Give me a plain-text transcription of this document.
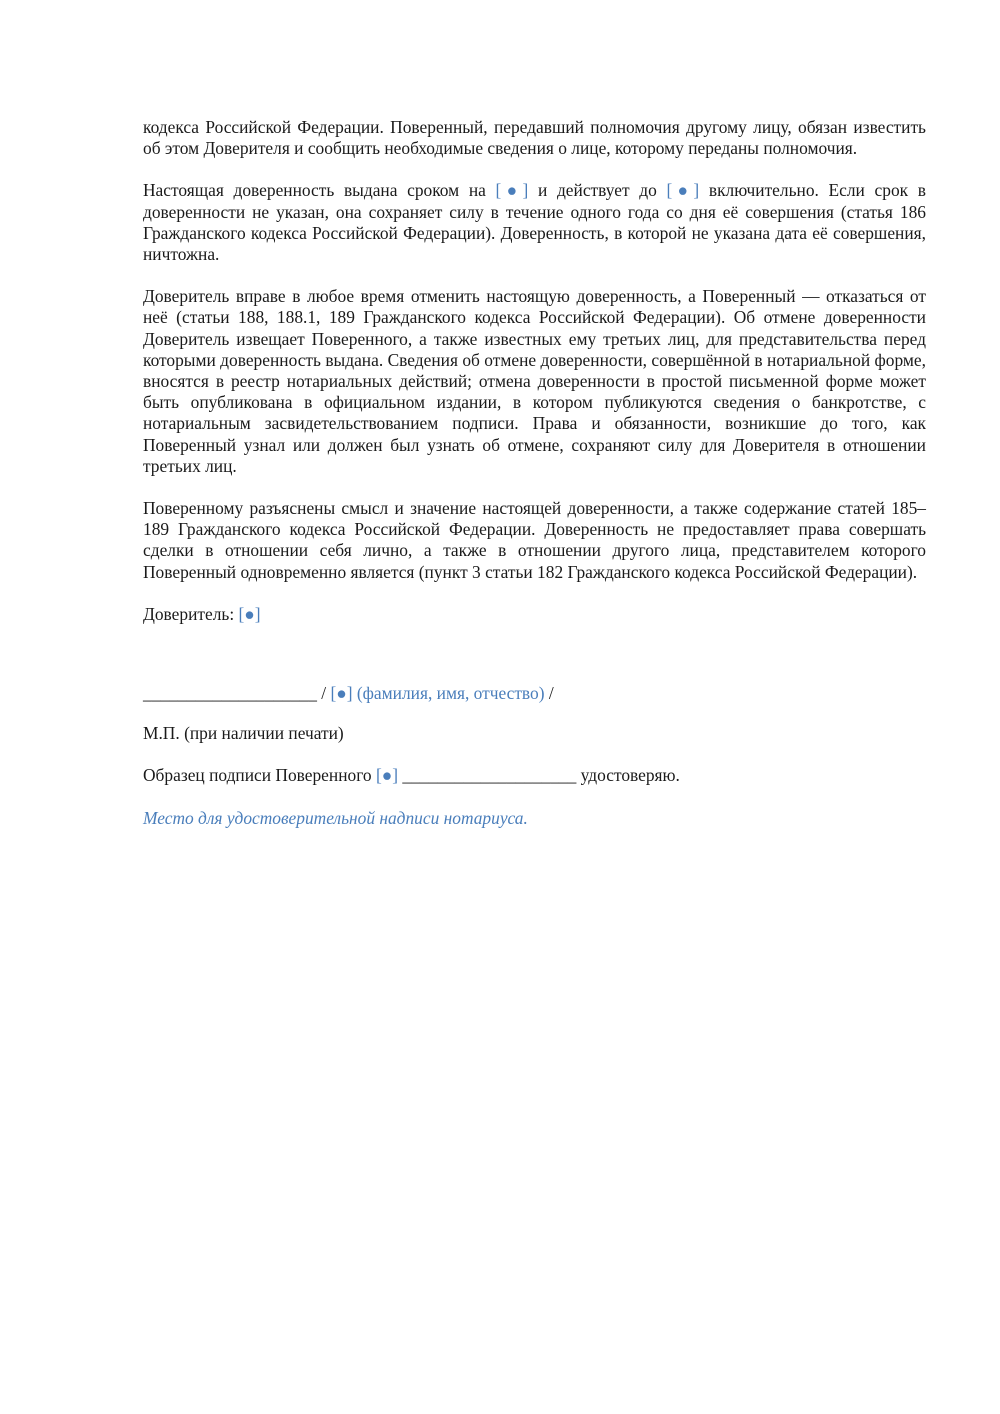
кодекса Российской Федерации. Поверенный, передавший полномочия другому лицу, обязан известить об этом Доверителя и сообщить необходимые сведения о лице, которому переданы полномочия.

Настоящая доверенность выдана сроком на [●] и действует до [●] включительно. Если срок в доверенности не указан, она сохраняет силу в течение одного года со дня её совершения (статья 186 Гражданского кодекса Российской Федерации). Доверенность, в которой не указана дата её совершения, ничтожна.

Доверитель вправе в любое время отменить настоящую доверенность, а Поверенный — отказаться от неё (статьи 188, 188.1, 189 Гражданского кодекса Российской Федерации). Об отмене доверенности Доверитель извещает Поверенного, а также известных ему третьих лиц, для представительства перед которыми доверенность выдана. Сведения об отмене доверенности, совершённой в нотариальной форме, вносятся в реестр нотариальных действий; отмена доверенности в простой письменной форме может быть опубликована в официальном издании, в котором публикуются сведения о банкротстве, с нотариальным засвидетельствованием подписи. Права и обязанности, возникшие до того, как Поверенный узнал или должен был узнать об отмене, сохраняют силу для Доверителя в отношении третьих лиц.

Поверенному разъяснены смысл и значение настоящей доверенности, а также содержание статей 185–189 Гражданского кодекса Российской Федерации. Доверенность не предоставляет права совершать сделки в отношении себя лично, а также в отношении другого лица, представителем которого Поверенный одновременно является (пункт 3 статьи 182 Гражданского кодекса Российской Федерации).

Доверитель: [●]

____________________ / [●] (фамилия, имя, отчество) /

М.П. (при наличии печати)

Образец подписи Поверенного [●] ____________________ удостоверяю.

Место для удостоверительной надписи нотариуса.
